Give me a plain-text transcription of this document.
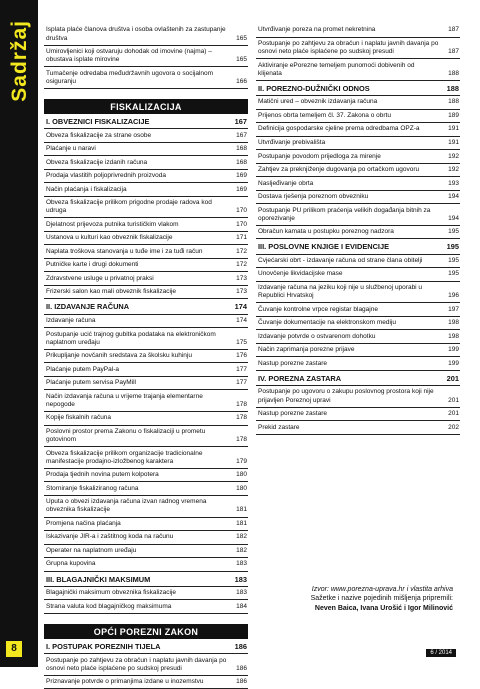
Sadržaj
8
Isplata plaće članova društva i osoba ovlaštenih za zastupanje društva	165
Umirovljenici koji ostvaruju dohodak od imovine (najma) – obustava isplate mirovine	165
Tumačenje odredaba međudržavnih ugovora o socijalnom osiguranju	166
FISKALIZACIJA
I. OBVEZNICI FISKALIZACIJE	167
Obveza fiskalizacije za strane osobe	167
Plaćanje u naravi	168
Obveza fiskalizacije izdanih računa	168
Prodaja vlastitih poljoprivrednih proizvoda	169
Način plaćanja i fiskalizacija	169
Obveza fiskalizacije prilikom prigodne prodaje radova kod udruga	170
Djelatnost prijevoza putnika turističkim vlakom	170
Ustanova u kulturi kao obveznik fiskalizacije	171
Naplata troškova stanovanja u tuđe ime i za tuđi račun	172
Putničke karte i drugi dokumenti	172
Zdravstvene usluge u privatnoj praksi	173
Frizerski salon kao mali obveznik fiskalizacije	173
II. IZDAVANJE RAČUNA	174
Izdavanje računa	174
Postupanje ucić trajnog gubitka podataka na elektroničkom naplatnom uređaju	175
Prikupljanje novčanih sredstava za školsku kuhinju	176
Plaćanje putem PayPal-a	177
Plaćanje putem servisa PayMill	177
Način izdavanja računa u vrijeme trajanja elementarne nepogode	178
Kopije fiskalnih računa	178
Poslovni prostor prema Zakonu o fiskalizaciji u prometu gotovinom	178
Obveza fiskalizacije prilikom organizacije tradicionalne manifestacije prodajno-izložbenog karaktera	179
Prodaja tjednih novina putem kolpotera	180
Storniranje fiskaliziranog računa	180
Uputa o obvezi izdavanja računa izvan radnog vremena obveznika fiskalizacije	181
Promjena načina plaćanja	181
Iskazivanje JIR-a i zaštitnog koda na računu	182
Operater na naplatnom uređaju	182
Grupna kupovina	183
III. BLAGAJNIČKI MAKSIMUM	183
Blagajnički maksimum obveznika fiskalizacije	183
Strana valuta kod blagajničkog maksimuma	184
OPĆI POREZNI ZAKON
I. POSTUPAK POREZNIH TIJELA	186
Postupanje po zahtjevu za obračun i naplatu javnih davanja po osnovi neto plaće isplaćene po sudskoj presudi	186
Priznavanje potvrde o primanjima izdane u inozemstvu	186
Utvrđivanje poreza na promet nekretnina	187
Postupanje po zahtjevu za obračun i naplatu javnih davanja po osnovi neto plaće isplaćene po sudskoj presudi	187
Aktiviranje ePorezne temeljem punomoći dobivenih od klijenata	188
II. POREZNO-DUŽNIČKI ODNOS	188
Matični ured – obveznik izdavanja računa	188
Prijenos obrta temeljem čl. 37. Zakona o obrtu	189
Definicija gospodarske cjeline prema odredbama OPZ-a	191
Utvrđivanje prebivališta	191
Postupanje povodom prijedloga za mirenje	192
Zahtjev za preknjiženje dugovanja po ortačkom ugovoru	192
Nasljeđivanje obrta	193
Dostava rješenja poreznom obvezniku	194
Postupanje PU prilikom praćenja velikih događanja bitnih za oporezivanje	194
Obračun kamata u postupku poreznog nadzora	195
III. POSLOVNE KNJIGE I EVIDENCIJE	195
Cvjećarski obrt - izdavanje računa od strane člana obitelji	195
Unovčenje likvidacijske mase	195
Izdavanje računa na jeziku koji nije u službenoj uporabi u Republici Hrvatskoj	196
Čuvanje kontrolne vrpce registar blagajne	197
Čuvanje dokumentacije na elektronskom mediju	198
Izdavanje potvrde o ostvarenom dohotku	198
Način zaprimanja porezne prijave	199
Nastup porezne zastare	199
IV. POREZNA ZASTARA	201
Postupanje po ugovoru o zakupu poslovnog prostora koji nije prijavljen Poreznoj upravi	201
Nastup porezne zastare	201
Prekid zastare	202
Izvor: www.porezna-uprava.hr i vlastita arhiva
Sažetke i nazive pojedinih mišljenja pripremili:
Neven Baica, Ivana Urošić i Igor Milinović
6 / 2014
